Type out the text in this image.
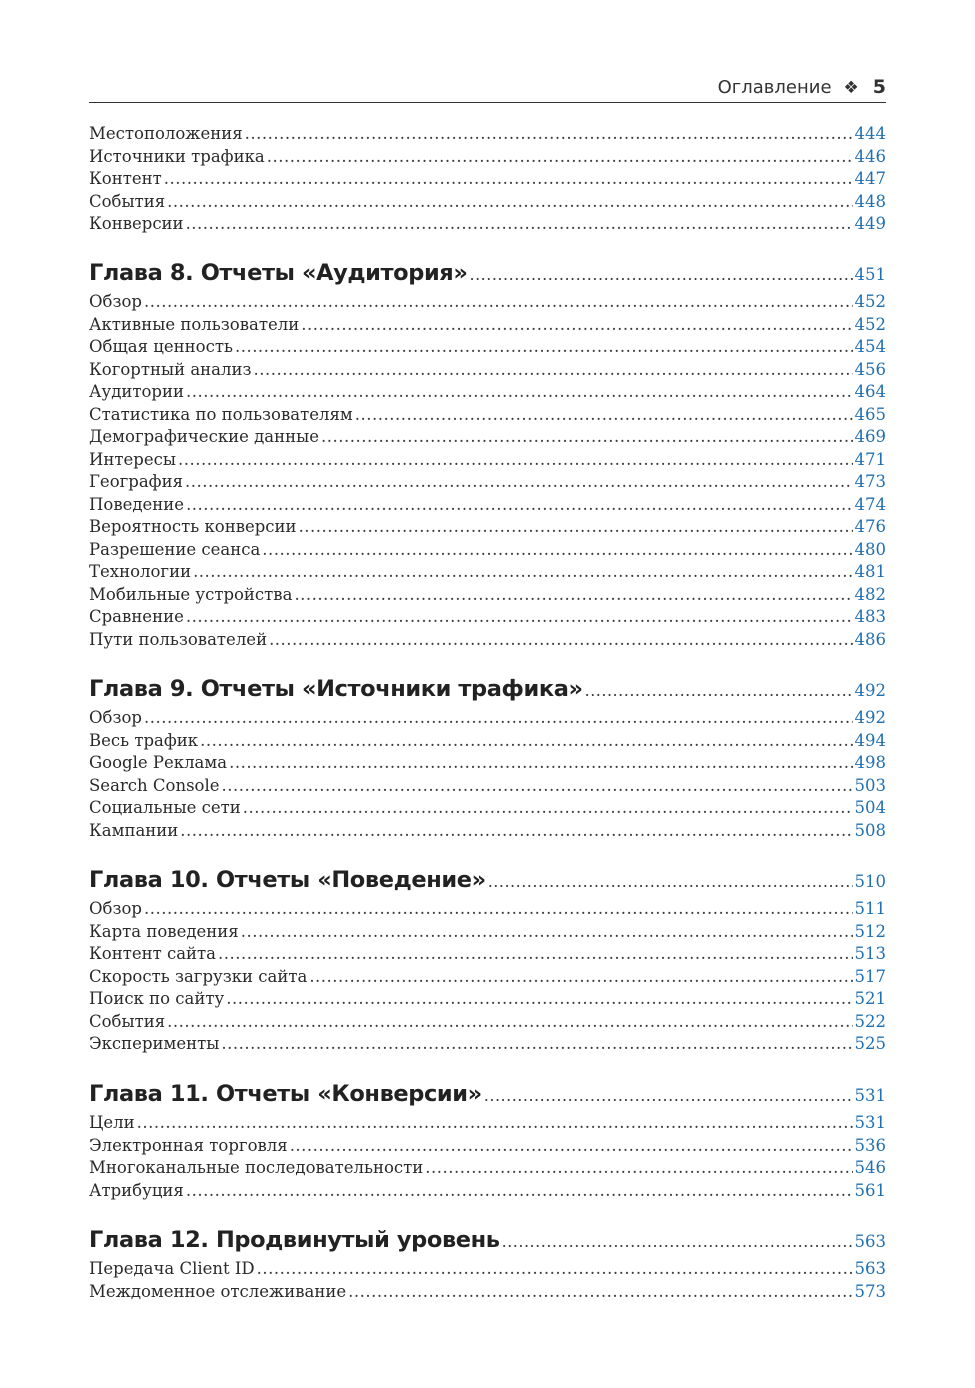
Оглавление ❖ 5
Местоположения .....	444
Источники трафика .....	446
Контент .....	447
События .....	448
Конверсии .....	449
Глава 8. Отчеты «Аудитория» .....	451
Обзор .....	452
Активные пользователи .....	452
Общая ценность .....	454
Когортный анализ .....	456
Аудитории .....	464
Статистика по пользователям .....	465
Демографические данные .....	469
Интересы .....	471
География .....	473
Поведение .....	474
Вероятность конверсии .....	476
Разрешение сеанса .....	480
Технологии .....	481
Мобильные устройства .....	482
Сравнение .....	483
Пути пользователей .....	486
Глава 9. Отчеты «Источники трафика» .....	492
Обзор .....	492
Весь трафик .....	494
Google Реклама .....	498
Search Console .....	503
Социальные сети .....	504
Кампании .....	508
Глава 10. Отчеты «Поведение» .....	510
Обзор .....	511
Карта поведения .....	512
Контент сайта .....	513
Скорость загрузки сайта .....	517
Поиск по сайту .....	521
События .....	522
Эксперименты .....	525
Глава 11. Отчеты «Конверсии» .....	531
Цели .....	531
Электронная торговля .....	536
Многоканальные последовательности .....	546
Атрибуция .....	561
Глава 12. Продвинутый уровень .....	563
Передача Client ID .....	563
Междоменное отслеживание .....	573
